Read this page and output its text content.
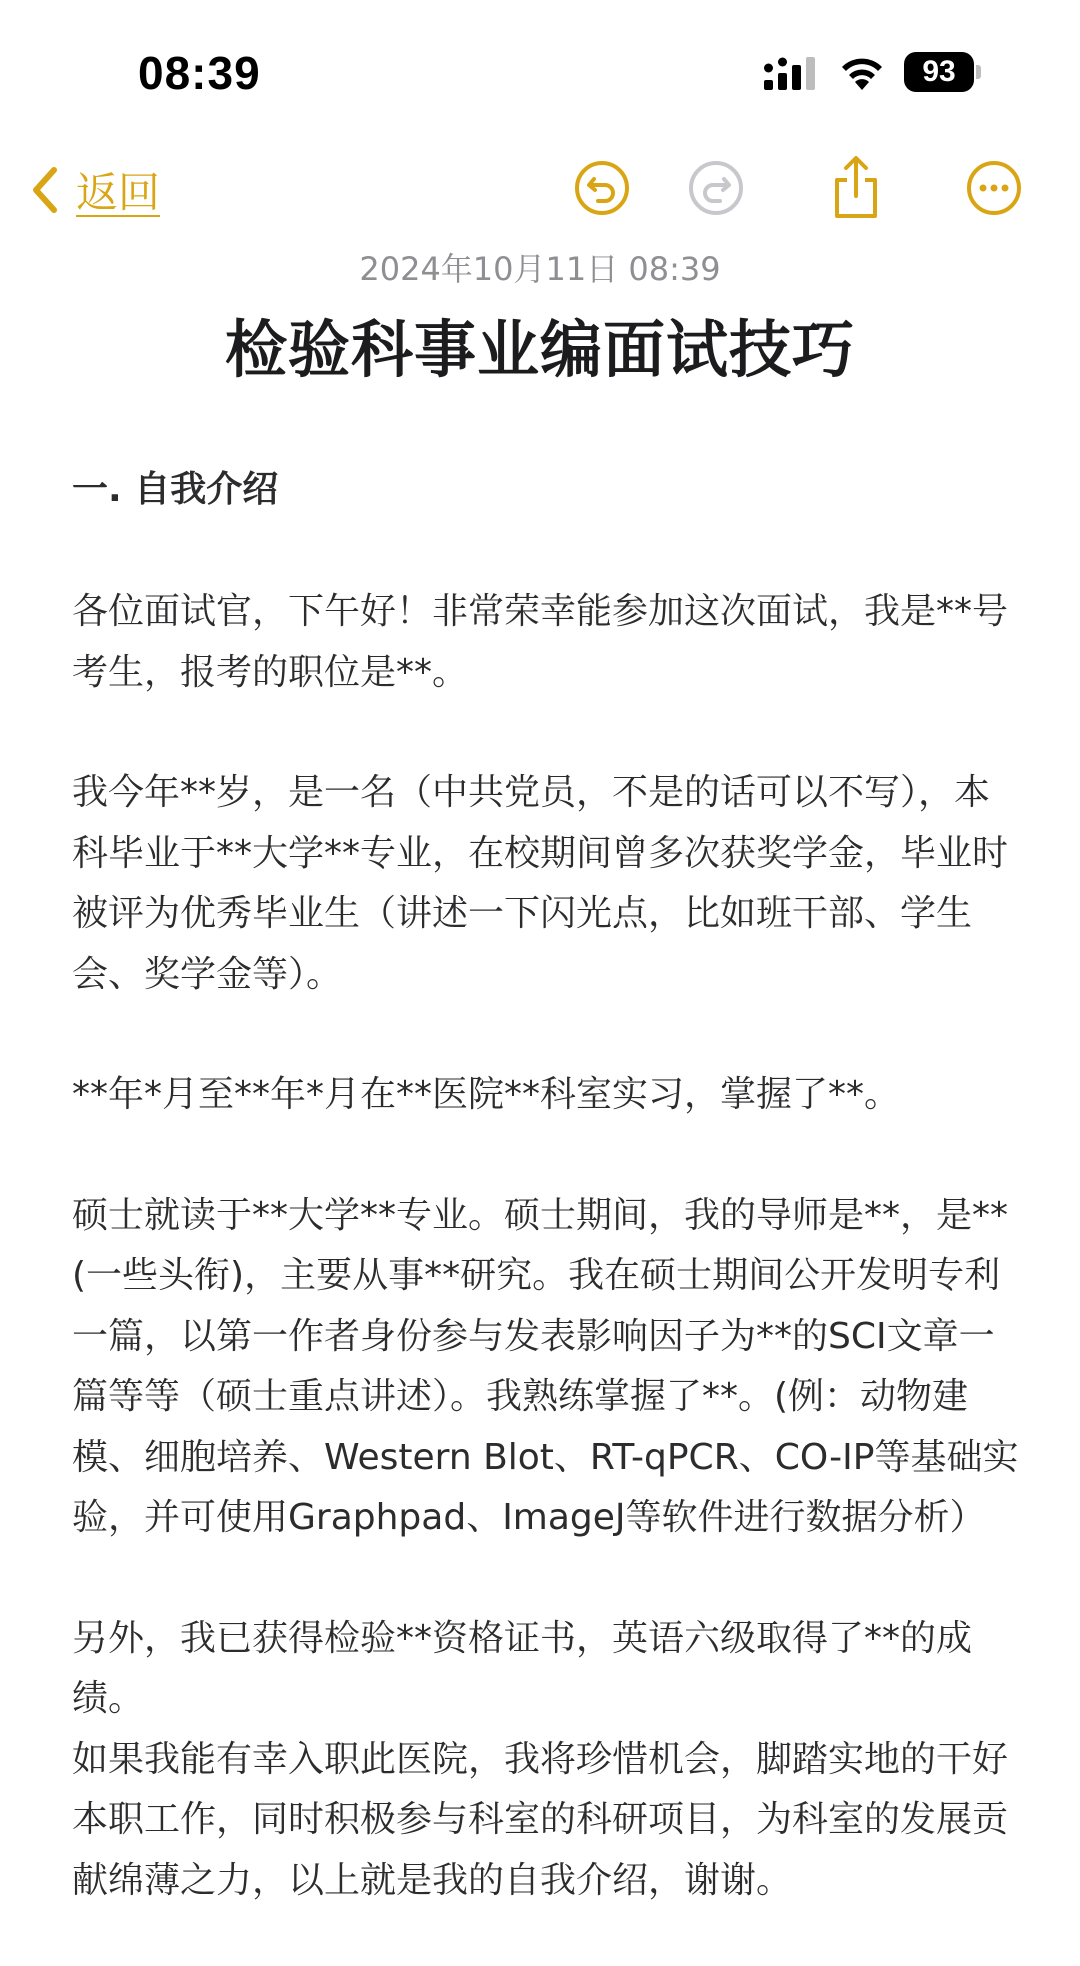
08:39	93
返回
2024年10月11日 08:39
检验科事业编面试技巧
一. 自我介绍

各位面试官，下午好！非常荣幸能参加这次面试，我是**号考生，报考的职位是**。

我今年**岁，是一名（中共党员，不是的话可以不写），本科毕业于**大学**专业，在校期间曾多次获奖学金，毕业时被评为优秀毕业生（讲述一下闪光点，比如班干部、学生会、奖学金等）。

**年*月至**年*月在**医院**科室实习，掌握了**。

硕士就读于**大学**专业。硕士期间，我的导师是**，是**(一些头衔)，主要从事**研究。我在硕士期间公开发明专利一篇，以第一作者身份参与发表影响因子为**的SCI文章一篇等等（硕士重点讲述）。我熟练掌握了**。(例：动物建模、细胞培养、Western Blot、RT-qPCR、CO-IP等基础实验，并可使用Graphpad、ImageJ等软件进行数据分析）

另外，我已获得检验**资格证书，英语六级取得了**的成绩。

如果我能有幸入职此医院，我将珍惜机会，脚踏实地的干好本职工作，同时积极参与科室的科研项目，为科室的发展贡献绵薄之力，以上就是我的自我介绍，谢谢。
